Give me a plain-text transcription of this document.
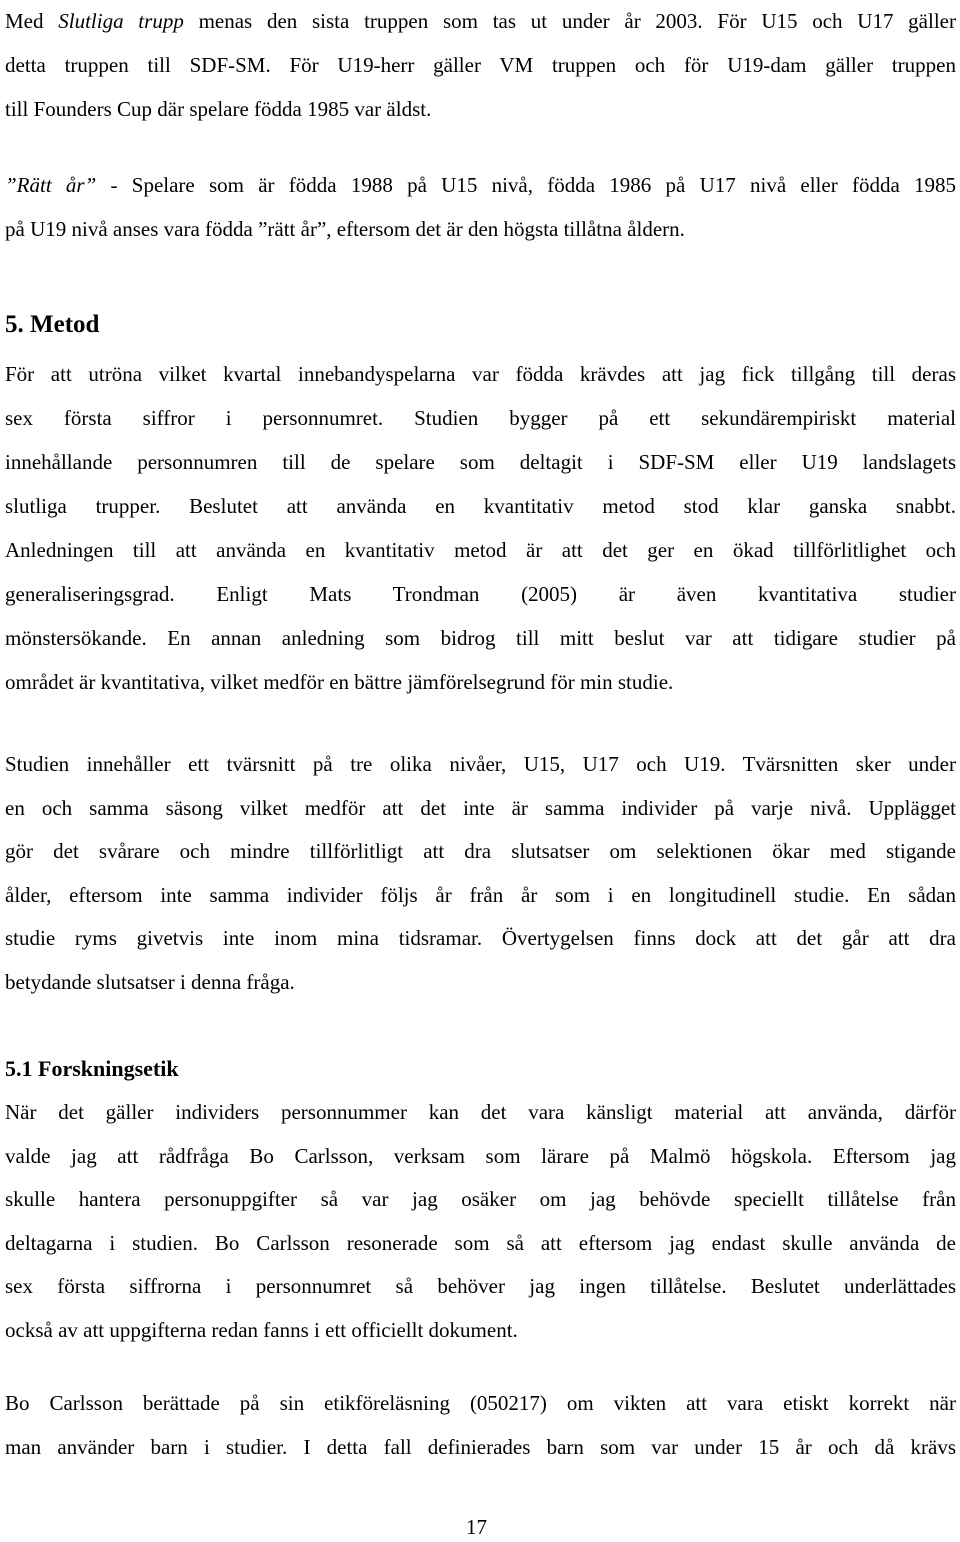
Med Slutliga trupp menas den sista truppen som tas ut under år 2003. För U15 och U17 gäller
detta truppen till SDF-SM. För U19-herr gäller VM truppen och för U19-dam gäller truppen
till Founders Cup där spelare födda 1985 var äldst.
”Rätt år” - Spelare som är födda 1988 på U15 nivå, födda 1986 på U17 nivå eller födda 1985
på U19 nivå anses vara födda ”rätt år”, eftersom det är den högsta tillåtna åldern.
5. Metod
För att utröna vilket kvartal innebandyspelarna var födda krävdes att jag fick tillgång till deras
sex första siffror i personnumret. Studien bygger på ett sekundärempiriskt material
innehållande personnumren till de spelare som deltagit i SDF-SM eller U19 landslagets
slutliga trupper. Beslutet att använda en kvantitativ metod stod klar ganska snabbt.
Anledningen till att använda en kvantitativ metod är att det ger en ökad tillförlitlighet och
generaliseringsgrad. Enligt Mats Trondman (2005) är även kvantitativa studier
mönstersökande. En annan anledning som bidrog till mitt beslut var att tidigare studier på
området är kvantitativa, vilket medför en bättre jämförelsegrund för min studie.
Studien innehåller ett tvärsnitt på tre olika nivåer, U15, U17 och U19. Tvärsnitten sker under
en och samma säsong vilket medför att det inte är samma individer på varje nivå. Upplägget
gör det svårare och mindre tillförlitligt att dra slutsatser om selektionen ökar med stigande
ålder, eftersom inte samma individer följs år från år som i en longitudinell studie. En sådan
studie ryms givetvis inte inom mina tidsramar. Övertygelsen finns dock att det går att dra
betydande slutsatser i denna fråga.
5.1 Forskningsetik
När det gäller individers personnummer kan det vara känsligt material att använda, därför
valde jag att rådfråga Bo Carlsson, verksam som lärare på Malmö högskola. Eftersom jag
skulle hantera personuppgifter så var jag osäker om jag behövde speciellt tillåtelse från
deltagarna i studien. Bo Carlsson resonerade som så att eftersom jag endast skulle använda de
sex första siffrorna i personnumret så behöver jag ingen tillåtelse. Beslutet underlättades
också av att uppgifterna redan fanns i ett officiellt dokument.
Bo Carlsson berättade på sin etikföreläsning (050217) om vikten att vara etiskt korrekt när
man använder barn i studier. I detta fall definierades barn som var under 15 år och då krävs
17
